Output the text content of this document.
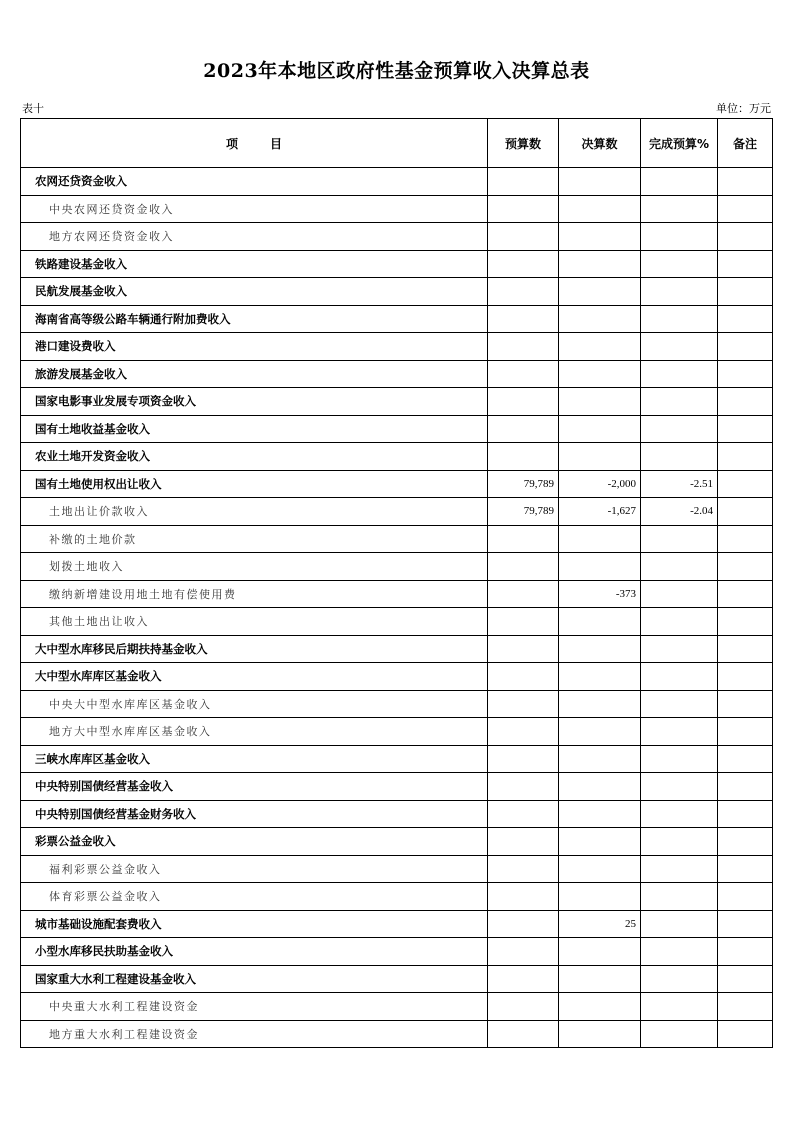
2023年本地区政府性基金预算收入决算总表
表十	单位：万元
项 目	预算数	决算数	完成预算%	备注
农网还贷资金收入				
中央农网还贷资金收入				
地方农网还贷资金收入				
铁路建设基金收入				
民航发展基金收入				
海南省高等级公路车辆通行附加费收入				
港口建设费收入				
旅游发展基金收入				
国家电影事业发展专项资金收入				
国有土地收益基金收入				
农业土地开发资金收入				
国有土地使用权出让收入	79,789	-2,000	-2.51	
土地出让价款收入	79,789	-1,627	-2.04	
补缴的土地价款				
划拨土地收入				
缴纳新增建设用地土地有偿使用费		-373		
其他土地出让收入				
大中型水库移民后期扶持基金收入				
大中型水库库区基金收入				
中央大中型水库库区基金收入				
地方大中型水库库区基金收入				
三峡水库库区基金收入				
中央特别国债经营基金收入				
中央特别国债经营基金财务收入				
彩票公益金收入				
福利彩票公益金收入				
体育彩票公益金收入				
城市基础设施配套费收入		25		
小型水库移民扶助基金收入				
国家重大水利工程建设基金收入				
中央重大水利工程建设资金				
地方重大水利工程建设资金				
